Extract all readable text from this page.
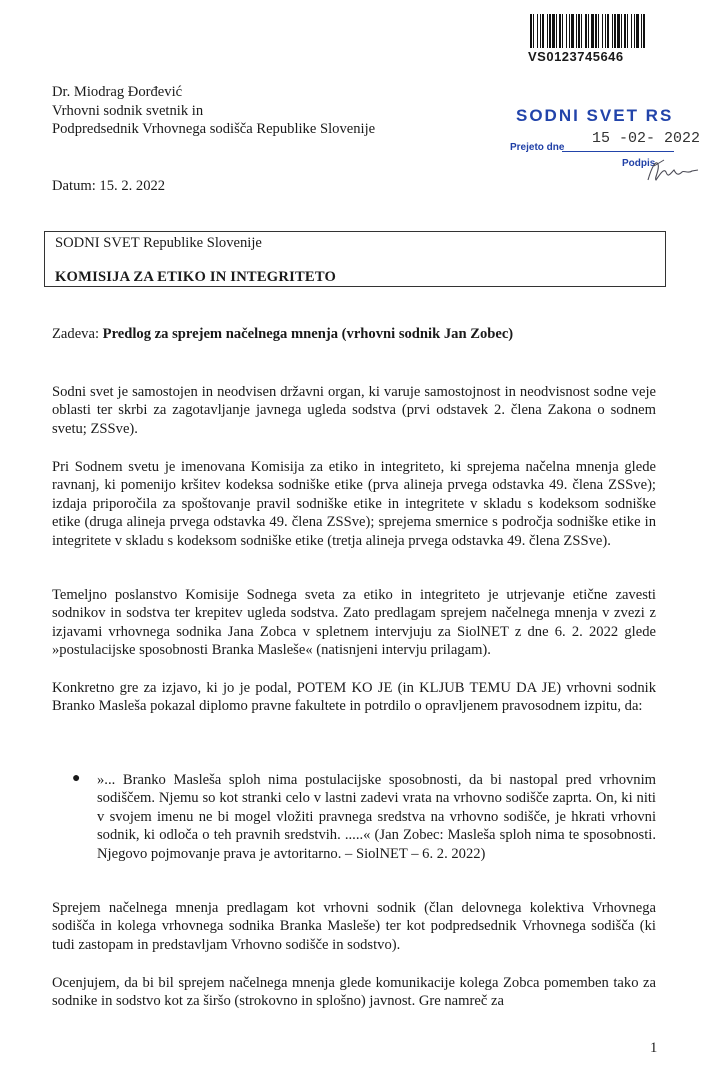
VS0123745646
Dr. Miodrag Đorđević
Vrhovni sodnik svetnik in
Podpredsednik Vrhovnega sodišča Republike Slovenije
SODNI SVET RS
15 -02- 2022
Prejeto dne
Podpis
Datum: 15. 2. 2022
SODNI SVET Republike Slovenije
KOMISIJA ZA ETIKO IN INTEGRITETO
Zadeva: Predlog za sprejem načelnega mnenja (vrhovni sodnik Jan Zobec)
Sodni svet je samostojen in neodvisen državni organ, ki varuje samostojnost in neodvisnost sodne veje oblasti ter skrbi za zagotavljanje javnega ugleda sodstva (prvi odstavek 2. člena Zakona o sodnem svetu; ZSSve).
Pri Sodnem svetu je imenovana Komisija za etiko in integriteto, ki sprejema načelna mnenja glede ravnanj, ki pomenijo kršitev kodeksa sodniške etike (prva alineja prvega odstavka 49. člena ZSSve); izdaja priporočila za spoštovanje pravil sodniške etike in integritete v skladu s kodeksom sodniške etike (druga alineja prvega odstavka 49. člena ZSSve); sprejema smernice s področja sodniške etike in integritete v skladu s kodeksom sodniške etike (tretja alineja prvega odstavka 49. člena ZSSve).
Temeljno poslanstvo Komisije Sodnega sveta za etiko in integriteto je utrjevanje etične zavesti sodnikov in sodstva ter krepitev ugleda sodstva. Zato predlagam sprejem načelnega mnenja v zvezi z izjavami vrhovnega sodnika Jana Zobca v spletnem intervjuju za SiolNET z dne 6. 2. 2022 glede »postulacijske sposobnosti Branka Masleše« (natisnjeni intervju prilagam).
Konkretno gre za izjavo, ki jo je podal, POTEM KO JE (in KLJUB TEMU DA JE) vrhovni sodnik Branko Masleša pokazal diplomo pravne fakultete in potrdilo o opravljenem pravosodnem izpitu, da:
● »... Branko Masleša sploh nima postulacijske sposobnosti, da bi nastopal pred vrhovnim sodiščem. Njemu so kot stranki celo v lastni zadevi vrata na vrhovno sodišče zaprta. On, ki niti v svojem imenu ne bi mogel vložiti pravnega sredstva na vrhovno sodišče, je hkrati vrhovni sodnik, ki odloča o teh pravnih sredstvih. .....« (Jan Zobec: Masleša sploh nima te sposobnosti. Njegovo pojmovanje prava je avtoritarno. – SiolNET – 6. 2. 2022)
Sprejem načelnega mnenja predlagam kot vrhovni sodnik (član delovnega kolektiva Vrhovnega sodišča in kolega vrhovnega sodnika Branka Masleše) ter kot podpredsednik Vrhovnega sodišča (ki tudi zastopam in predstavljam Vrhovno sodišče in sodstvo).
Ocenjujem, da bi bil sprejem načelnega mnenja glede komunikacije kolega Zobca pomemben tako za sodnike in sodstvo kot za širšo (strokovno in splošno) javnost. Gre namreč za
1
